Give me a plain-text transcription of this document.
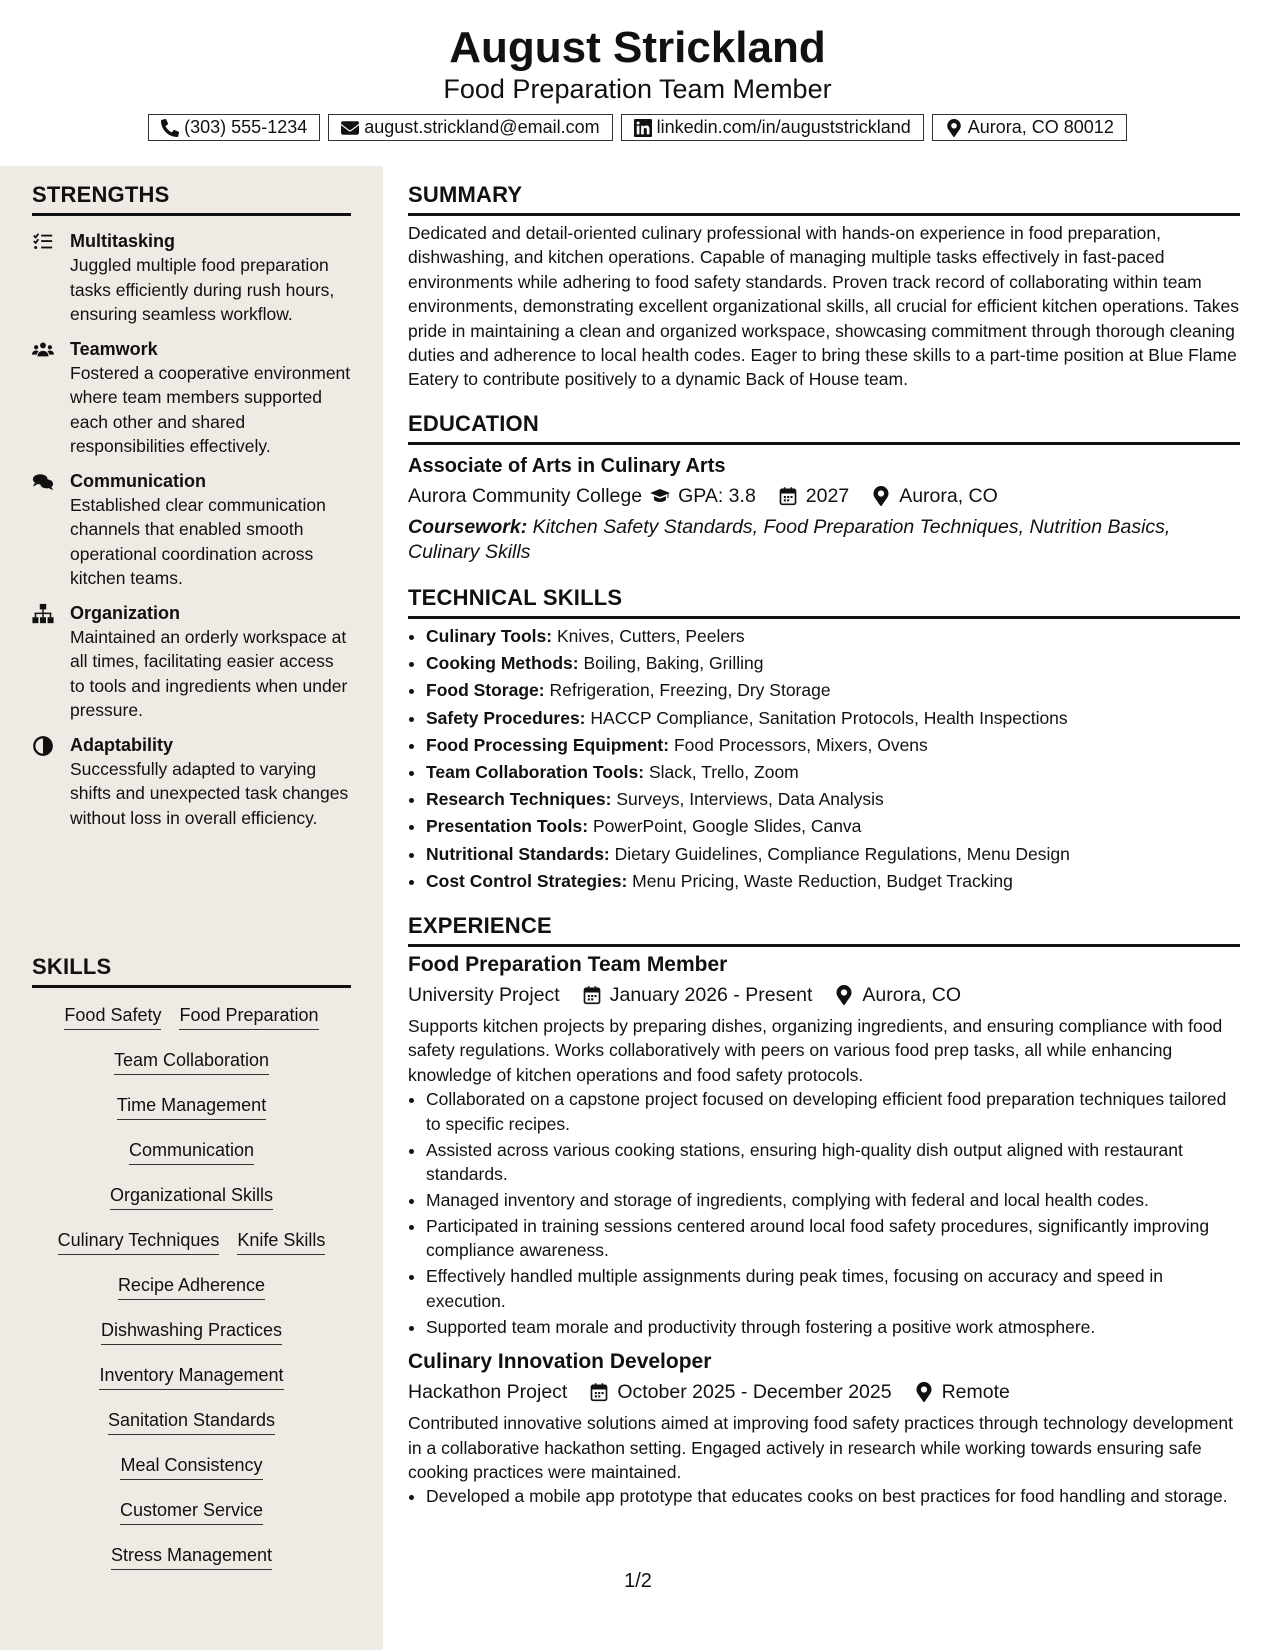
August Strickland
Food Preparation Team Member
(303) 555-1234	august.strickland@email.com	linkedin.com/in/auguststrickland	Aurora, CO 80012
STRENGTHS
Multitasking
Juggled multiple food preparation tasks efficiently during rush hours, ensuring seamless workflow.
Teamwork
Fostered a cooperative environment where team members supported each other and shared responsibilities effectively.
Communication
Established clear communication channels that enabled smooth operational coordination across kitchen teams.
Organization
Maintained an orderly workspace at all times, facilitating easier access to tools and ingredients when under pressure.
Adaptability
Successfully adapted to varying shifts and unexpected task changes without loss in overall efficiency.
SKILLS
Food Safety Food Preparation
Team Collaboration
Time Management
Communication
Organizational Skills
Culinary Techniques Knife Skills
Recipe Adherence
Dishwashing Practices
Inventory Management
Sanitation Standards
Meal Consistency
Customer Service
Stress Management
SUMMARY
Dedicated and detail-oriented culinary professional with hands-on experience in food preparation, dishwashing, and kitchen operations. Capable of managing multiple tasks effectively in fast-paced environments while adhering to food safety standards. Proven track record of collaborating within team environments, demonstrating excellent organizational skills, all crucial for efficient kitchen operations. Takes pride in maintaining a clean and organized workspace, showcasing commitment through thorough cleaning duties and adherence to local health codes. Eager to bring these skills to a part-time position at Blue Flame Eatery to contribute positively to a dynamic Back of House team.
EDUCATION
Associate of Arts in Culinary Arts
Aurora Community College GPA: 3.8	2027	Aurora, CO
Coursework: Kitchen Safety Standards, Food Preparation Techniques, Nutrition Basics, Culinary Skills
TECHNICAL SKILLS
• Culinary Tools: Knives, Cutters, Peelers
• Cooking Methods: Boiling, Baking, Grilling
• Food Storage: Refrigeration, Freezing, Dry Storage
• Safety Procedures: HACCP Compliance, Sanitation Protocols, Health Inspections
• Food Processing Equipment: Food Processors, Mixers, Ovens
• Team Collaboration Tools: Slack, Trello, Zoom
• Research Techniques: Surveys, Interviews, Data Analysis
• Presentation Tools: PowerPoint, Google Slides, Canva
• Nutritional Standards: Dietary Guidelines, Compliance Regulations, Menu Design
• Cost Control Strategies: Menu Pricing, Waste Reduction, Budget Tracking
EXPERIENCE
Food Preparation Team Member
University Project	January 2026 - Present	Aurora, CO
Supports kitchen projects by preparing dishes, organizing ingredients, and ensuring compliance with food safety regulations. Works collaboratively with peers on various food prep tasks, all while enhancing knowledge of kitchen operations and food safety protocols.
• Collaborated on a capstone project focused on developing efficient food preparation techniques tailored to specific recipes.
• Assisted across various cooking stations, ensuring high-quality dish output aligned with restaurant standards.
• Managed inventory and storage of ingredients, complying with federal and local health codes.
• Participated in training sessions centered around local food safety procedures, significantly improving compliance awareness.
• Effectively handled multiple assignments during peak times, focusing on accuracy and speed in execution.
• Supported team morale and productivity through fostering a positive work atmosphere.
Culinary Innovation Developer
Hackathon Project	October 2025 - December 2025	Remote
Contributed innovative solutions aimed at improving food safety practices through technology development in a collaborative hackathon setting. Engaged actively in research while working towards ensuring safe cooking practices were maintained.
• Developed a mobile app prototype that educates cooks on best practices for food handling and storage.
1/2
